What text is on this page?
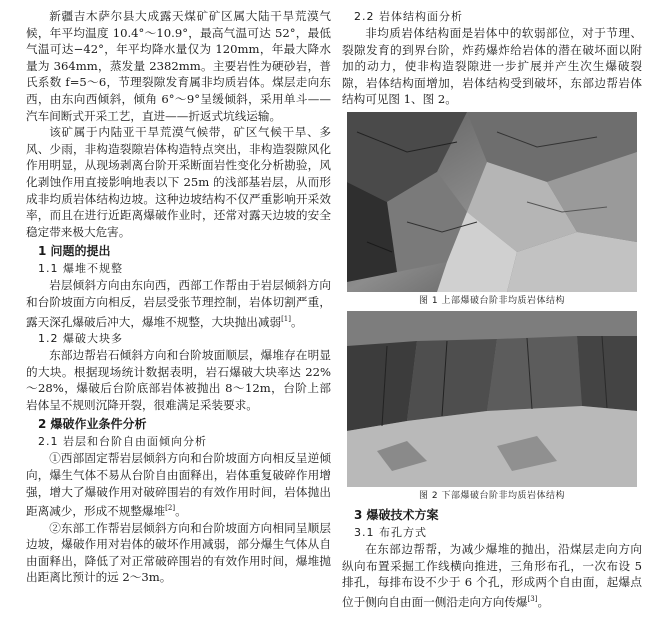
新疆吉木萨尔县大成露天煤矿矿区属大陆干旱荒漠气候，年平均温度 10.4°～10.9°，最高气温可达 52°，最低气温可达−42°，年平均降水量仅为 120mm，年最大降水量为 364mm，蒸发量 2382mm。主要岩性为硬砂岩，普氏系数 f=5～6，节理裂隙发育属非均质岩体。煤层走向东西，由东向西倾斜，倾角 6°～9°呈缓倾斜，采用单斗——汽车间断式开采工艺，直进——折返式坑线运输。

该矿属于内陆亚干旱荒漠气候带，矿区气候干旱、多风、少雨，非构造裂隙岩体构造特点突出，非构造裂隙风化作用明显，从现场剥离台阶开采断面岩性变化分析勘验，风化剥蚀作用直接影响地表以下 25m 的浅部基岩层，从而形成非均质岩体结构边坡。这种边坡结构不仅严重影响开采效率，而且在进行近距离爆破作业时，还常对露天边坡的安全稳定带来极大危害。

1 问题的提出
1.1 爆堆不规整

岩层倾斜方向由东向西，西部工作帮由于岩层倾斜方向和台阶坡面方向相反，岩层受张节理控制，岩体切割严重，露天深孔爆破后冲大，爆堆不规整，大块抛出减弱[1]。

1.2 爆破大块多

东部边帮岩石倾斜方向和台阶坡面顺层，爆堆存在明显的大块。根据现场统计数据表明，岩石爆破大块率达 22%～28%，爆破后台阶底部岩体被抛出 8～12m，台阶上部岩体呈不规则沉降开裂，很难满足采装要求。

2 爆破作业条件分析
2.1 岩层和台阶自由面倾向分析

①西部固定帮岩层倾斜方向和台阶坡面方向相反呈逆倾向，爆生气体不易从台阶自由面释出，岩体重复破碎作用增强，增大了爆破作用对破碎围岩的有效作用时间，岩体抛出距离减少，形成不规整爆堆[2]。

②东部工作帮岩层倾斜方向和台阶坡面方向相同呈顺层边坡，爆破作用对岩体的破坏作用减弱，部分爆生气体从自由面释出，降低了对正常破碎围岩的有效作用时间，爆堆抛出距离比预计的远 2～3m。

2.2 岩体结构面分析

非均质岩体结构面是岩体中的软弱部位，对于节理、裂隙发育的到界台阶，炸药爆炸给岩体的潜在破坏面以附加的动力，使非构造裂隙进一步扩展并产生次生爆破裂隙，岩体结构面增加，岩体结构受到破坏，东部边帮岩体结构可见图 1、图 2。

图 1 上部爆破台阶非均质岩体结构
图 2 下部爆破台阶非均质岩体结构
3 爆破技术方案
3.1 布孔方式

在东部边帮帮，为减少爆堆的抛出，沿煤层走向方向纵向布置采掘工作线横向推进，三角形布孔，一次布设 5 排孔，每排布设不少于 6 个孔，形成两个自由面，起爆点位于侧向自由面一侧沿走向方向传爆[3]。
